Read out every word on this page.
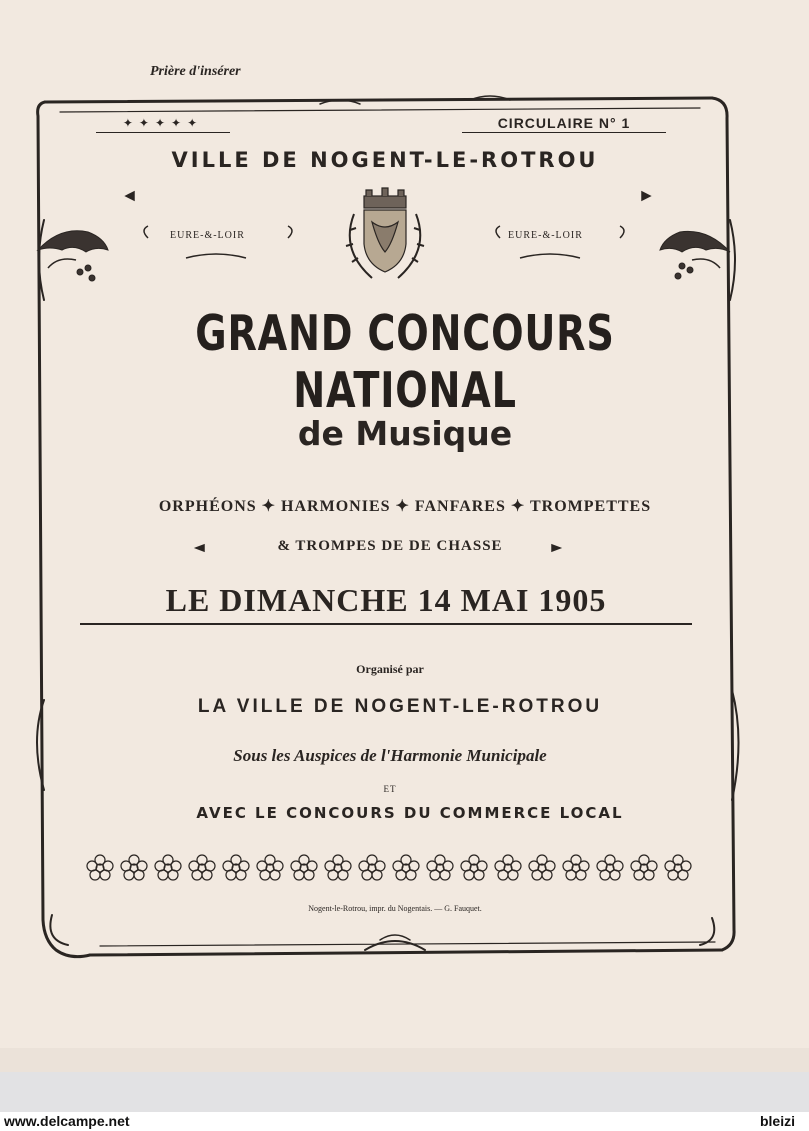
Prière d'insérer
✦✦✦✦✦	CIRCULAIRE N° 1
VILLE DE NOGENT-LE-ROTROU
EURE-&-LOIR	EURE-&-LOIR
GRAND CONCOURS NATIONAL
de Musique
ORPHÉONS ✦ HARMONIES ✦ FANFARES ✦ TROMPETTES
& TROMPES DE DE CHASSE
LE DIMANCHE 14 MAI 1905
Organisé par
LA VILLE DE NOGENT-LE-ROTROU
Sous les Auspices de l'Harmonie Municipale
ET
AVEC LE CONCOURS DU COMMERCE LOCAL
Nogent-le-Rotrou, impr. du Nogentais. — G. Fauquet.
www.delcampe.net	bleizi
